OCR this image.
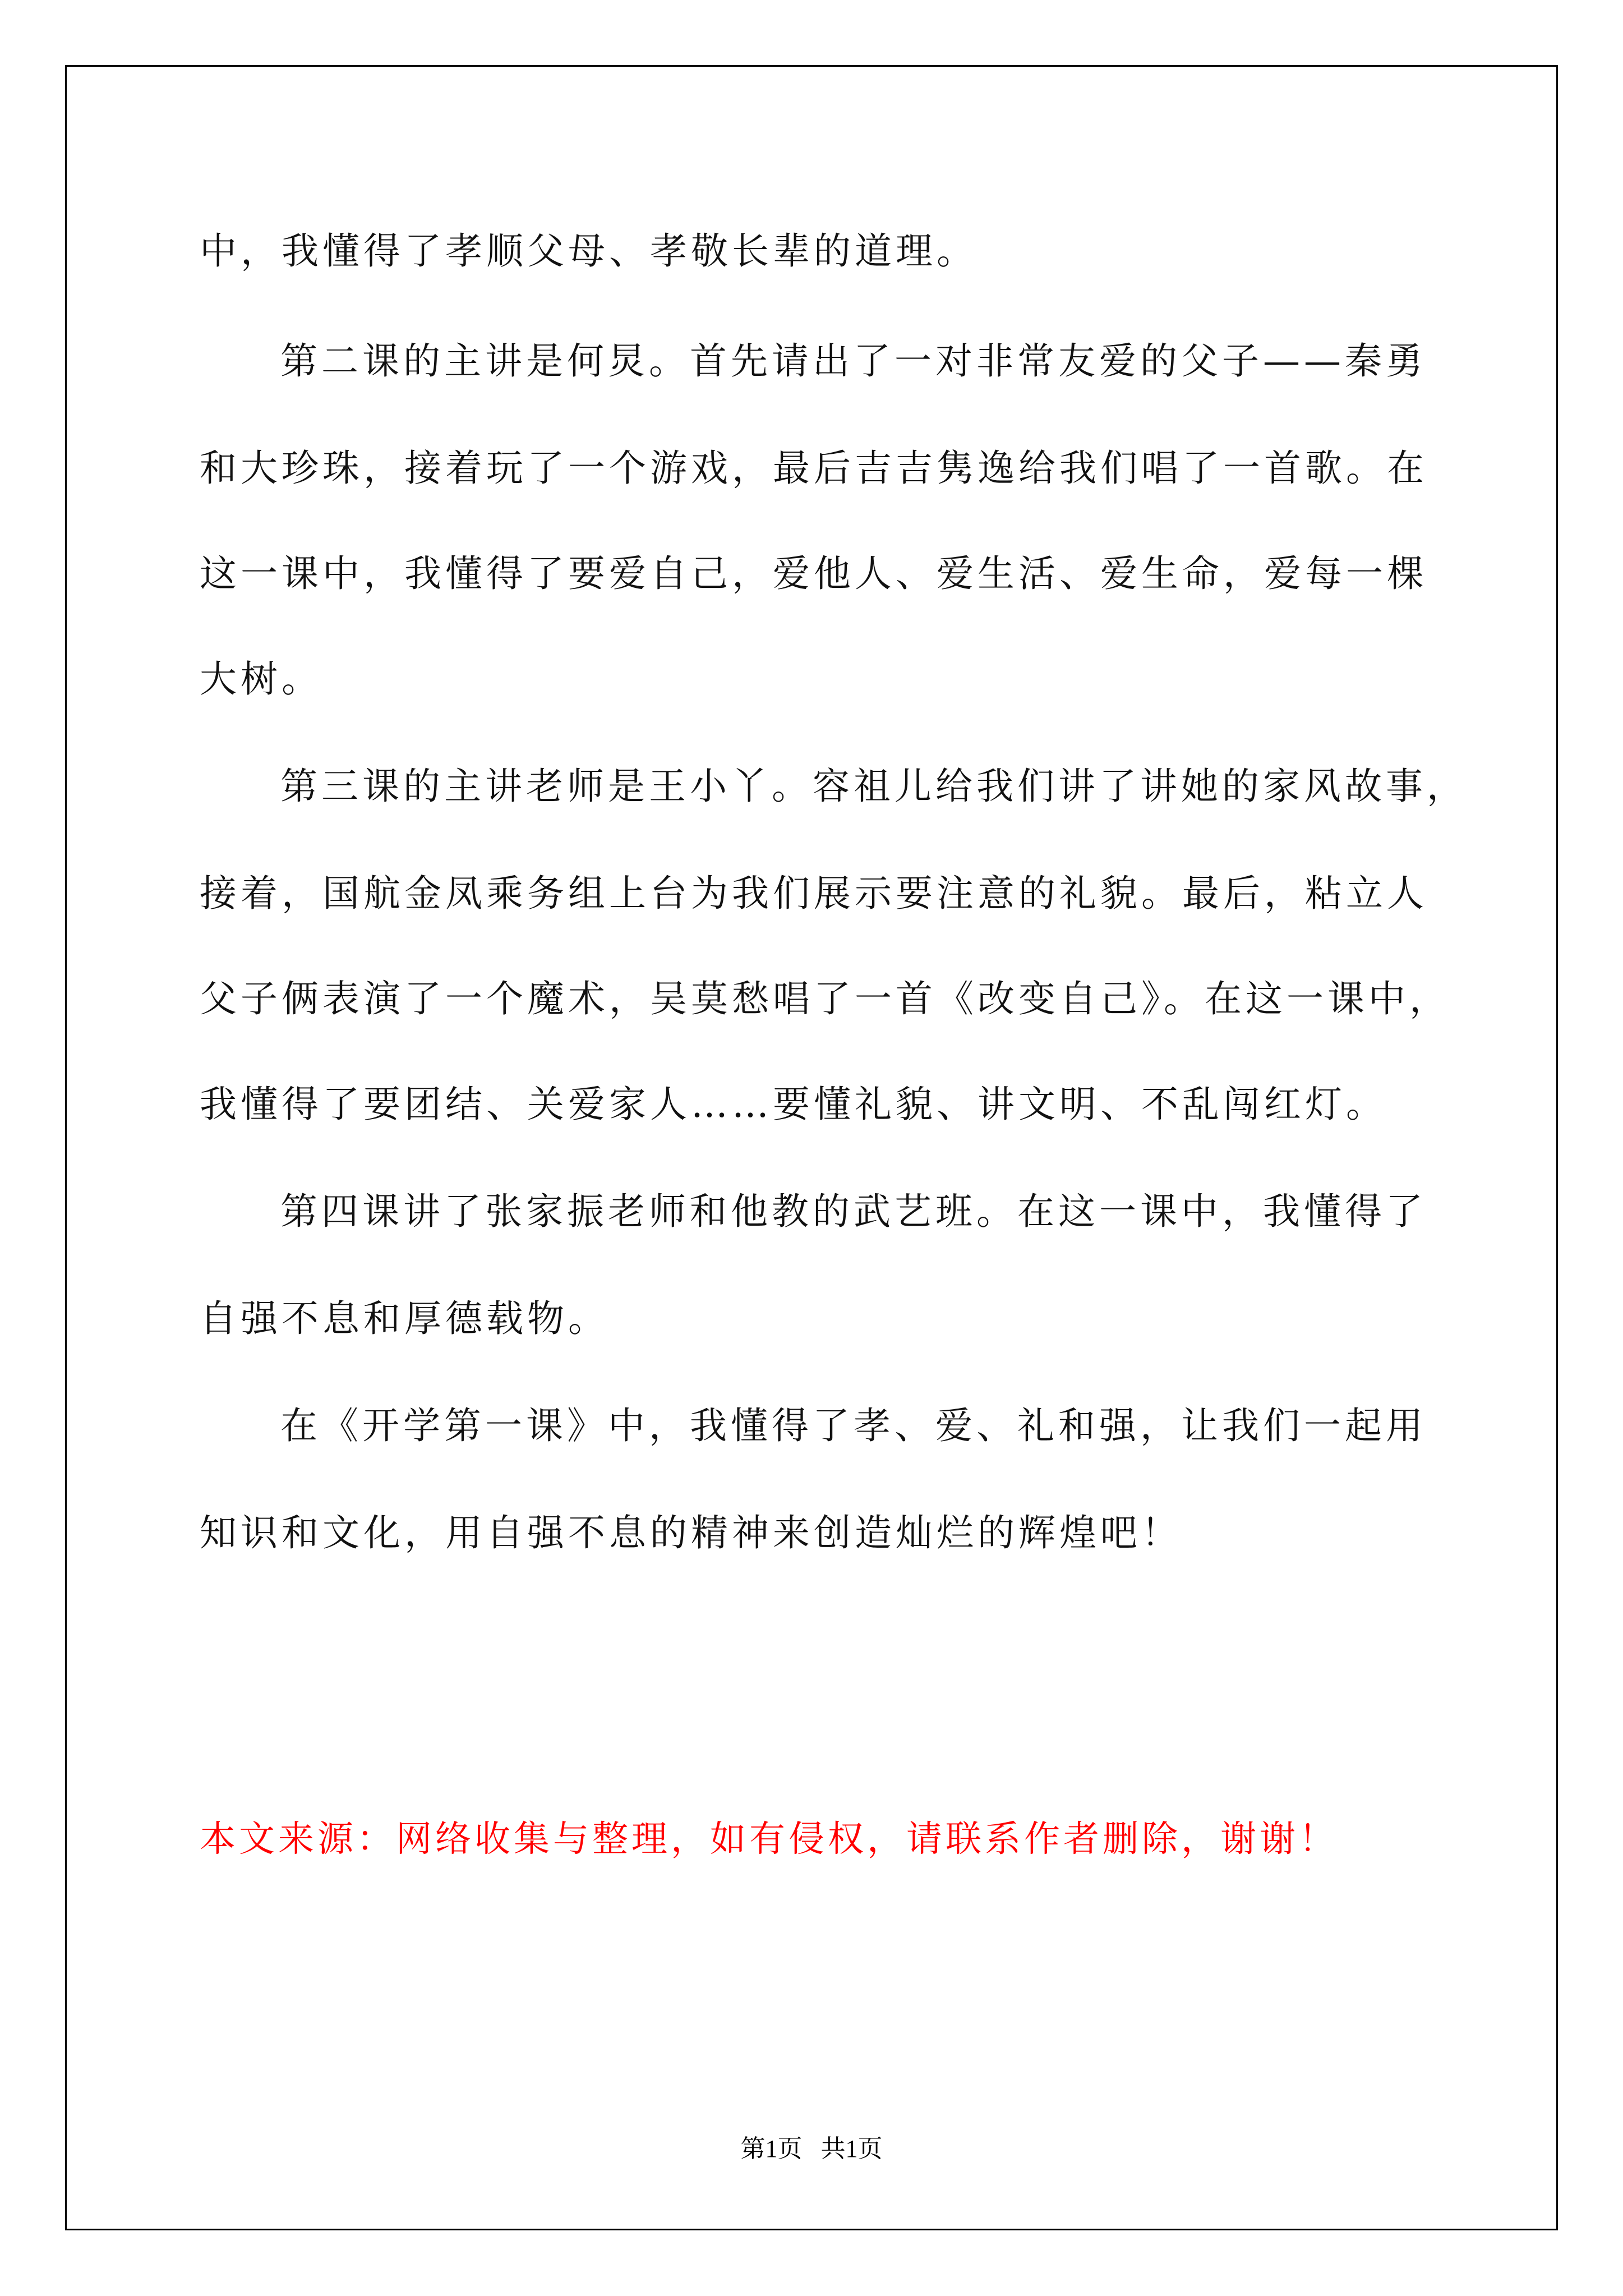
中，我懂得了孝顺父母、孝敬长辈的道理。
第二课的主讲是何炅。首先请出了一对非常友爱的父子——秦勇
和大珍珠，接着玩了一个游戏，最后吉吉隽逸给我们唱了一首歌。在
这一课中，我懂得了要爱自己，爱他人、爱生活、爱生命，爱每一棵
大树。
第三课的主讲老师是王小丫。容祖儿给我们讲了讲她的家风故事，
接着，国航金凤乘务组上台为我们展示要注意的礼貌。最后，粘立人
父子俩表演了一个魔术，吴莫愁唱了一首《改变自己》。在这一课中，
我懂得了要团结、关爱家人……要懂礼貌、讲文明、不乱闯红灯。
第四课讲了张家振老师和他教的武艺班。在这一课中，我懂得了
自强不息和厚德载物。
在《开学第一课》中，我懂得了孝、爱、礼和强，让我们一起用
知识和文化，用自强不息的精神来创造灿烂的辉煌吧！
本文来源：网络收集与整理，如有侵权，请联系作者删除，谢谢！
第1页   共1页
